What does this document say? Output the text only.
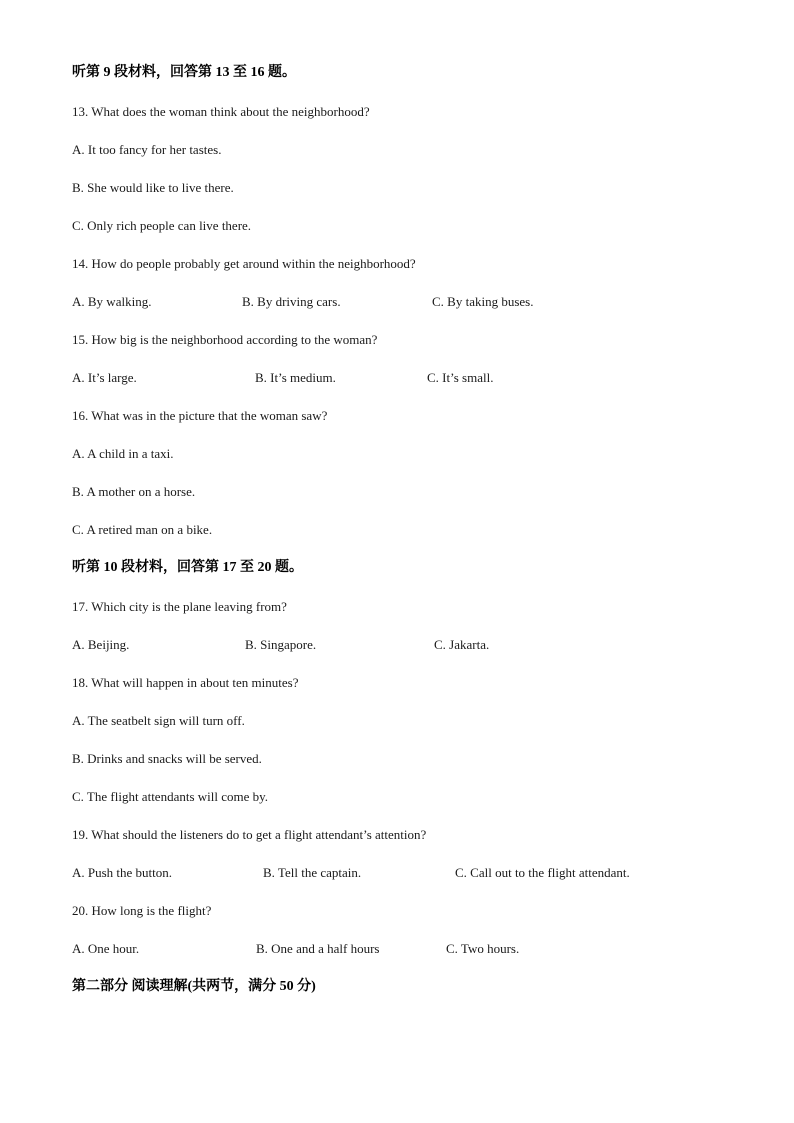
听第 9 段材料，回答第 13 至 16 题。
13. What does the woman think about the neighborhood?
A. It too fancy for her tastes.
B. She would like to live there.
C. Only rich people can live there.
14. How do people probably get around within the neighborhood?
A. By walking.	B. By driving cars.	C. By taking buses.
15. How big is the neighborhood according to the woman?
A. It’s large.	B. It’s medium.	C. It’s small.
16. What was in the picture that the woman saw?
A. A child in a taxi.
B. A mother on a horse.
C. A retired man on a bike.
听第 10 段材料，回答第 17 至 20 题。
17. Which city is the plane leaving from?
A. Beijing.	B. Singapore.	C. Jakarta.
18. What will happen in about ten minutes?
A. The seatbelt sign will turn off.
B. Drinks and snacks will be served.
C. The flight attendants will come by.
19. What should the listeners do to get a flight attendant’s attention?
A. Push the button.	B. Tell the captain.	C. Call out to the flight attendant.
20. How long is the flight?
A. One hour.	B. One and a half hours	C. Two hours.
第二部分 阅读理解(共两节，满分 50 分)
